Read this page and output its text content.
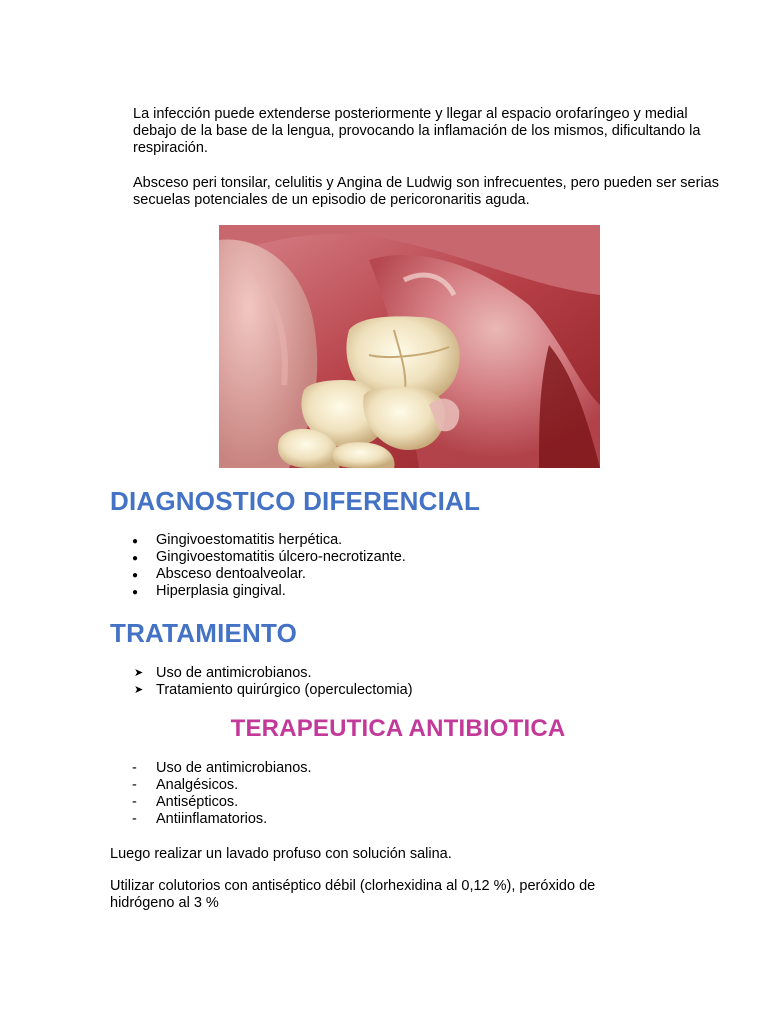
La infección puede extenderse posteriormente y llegar al espacio orofaríngeo y medial debajo de la base de la lengua, provocando la inflamación de los mismos, dificultando la respiración.

Absceso peri tonsilar, celulitis y Angina de Ludwig son infrecuentes, pero pueden ser serias secuelas potenciales de un episodio de pericoronaritis aguda.

DIAGNOSTICO DIFERENCIAL
●	Gingivoestomatitis herpética.
●	Gingivoestomatitis úlcero-necrotizante.
●	Absceso dentoalveolar.
●	Hiperplasia gingival.
TRATAMIENTO
➤ Uso de antimicrobianos.
➤ Tratamiento quirúrgico (operculectomia)
TERAPEUTICA ANTIBIOTICA
-	Uso de antimicrobianos.
-	Analgésicos.
-	Antisépticos.
-	Antiinflamatorios.

Luego realizar un lavado profuso con solución salina.

Utilizar colutorios con antiséptico débil (clorhexidina al 0,12 %), peróxido de hidrógeno al 3 %
